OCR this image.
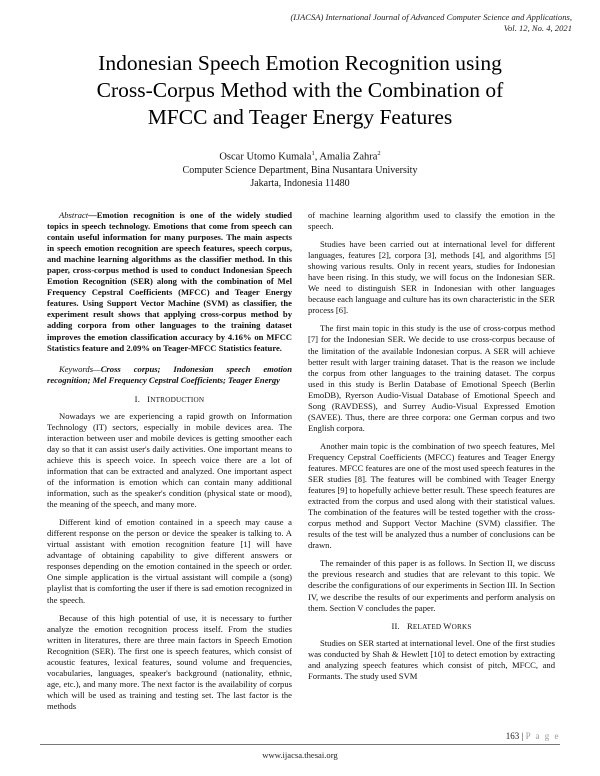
(IJACSA) International Journal of Advanced Computer Science and Applications,
Vol. 12, No. 4, 2021
Indonesian Speech Emotion Recognition using
Cross-Corpus Method with the Combination of
MFCC and Teager Energy Features
Oscar Utomo Kumala$^1$, Amalia Zahra$^2$
Computer Science Department, Bina Nusantara University
Jakarta, Indonesia 11480

Abstract—Emotion recognition is one of the widely studied topics in speech technology. Emotions that come from speech can contain useful information for many purposes. The main aspects in speech emotion recognition are speech features, speech corpus, and machine learning algorithms as the classifier method. In this paper, cross-corpus method is used to conduct Indonesian Speech Emotion Recognition (SER) along with the combination of Mel Frequency Cepstral Coefficients (MFCC) and Teager Energy features. Using Support Vector Machine (SVM) as classifier, the experiment result shows that applying cross-corpus method by adding corpora from other languages to the training dataset improves the emotion classification accuracy by 4.16% on MFCC Statistics feature and 2.09% on Teager-MFCC Statistics feature.

Keywords—Cross corpus; Indonesian speech emotion recognition; Mel Frequency Cepstral Coefficients; Teager Energy

I. INTRODUCTION

Nowadays we are experiencing a rapid growth on Information Technology (IT) sectors, especially in mobile devices area. The interaction between user and mobile devices is getting smoother each day so that it can assist user's daily activities. One important means to achieve this is speech voice. In speech voice there are a lot of information that can be extracted and analyzed. One important aspect of the information is emotion which can contain many additional information, such as the speaker's condition (physical state or mood), the meaning of the speech, and many more.

Different kind of emotion contained in a speech may cause a different response on the person or device the speaker is talking to. A virtual assistant with emotion recognition feature [1] will have advantage of obtaining capability to give different answers or responses depending on the emotion contained in the speech or order. One simple application is the virtual assistant will compile a (song) playlist that is comforting the user if there is sad emotion recognized in the speech.

Because of this high potential of use, it is necessary to further analyze the emotion recognition process itself. From the studies written in literatures, there are three main factors in Speech Emotion Recognition (SER). The first one is speech features, which consist of acoustic features, lexical features, sound volume and frequencies, vocabularies, languages, speaker's background (nationality, ethnic, age, etc.), and many more. The next factor is the availability of corpus which will be used as training and testing set. The last factor is the methods

of machine learning algorithm used to classify the emotion in the speech.

Studies have been carried out at international level for different languages, features [2], corpora [3], methods [4], and algorithms [5] showing various results. Only in recent years, studies for Indonesian have been rising. In this study, we will focus on the Indonesian SER. We need to distinguish SER in Indonesian with other languages because each language and culture has its own characteristic in the SER process [6].

The first main topic in this study is the use of cross-corpus method [7] for the Indonesian SER. We decide to use cross-corpus because of the limitation of the available Indonesian corpus. A SER will achieve better result with larger training dataset. That is the reason we include the corpus from other languages to the training dataset. The corpus used in this study is Berlin Database of Emotional Speech (Berlin EmoDB), Ryerson Audio-Visual Database of Emotional Speech and Song (RAVDESS), and Surrey Audio-Visual Expressed Emotion (SAVEE). Thus, there are three corpora: one German corpus and two English corpora.

Another main topic is the combination of two speech features, Mel Frequency Cepstral Coefficients (MFCC) features and Teager Energy features. MFCC features are one of the most used speech features in the SER studies [8]. The features will be combined with Teager Energy features [9] to hopefully achieve better result. These speech features are extracted from the corpus and used along with their statistical values. The combination of the features will be tested together with the cross-corpus method and Support Vector Machine (SVM) classifier. The results of the test will be analyzed thus a number of conclusions can be drawn.

The remainder of this paper is as follows. In Section II, we discuss the previous research and studies that are relevant to this topic. We describe the configurations of our experiments in Section III. In Section IV, we describe the results of our experiments and perform analysis on them. Section V concludes the paper.

II. RELATED WORKS

Studies on SER started at international level. One of the first studies was conducted by Shah & Hewlett [10] to detect emotion by extracting and analyzing speech features which consist of pitch, MFCC, and Formants. The study used SVM

163 | P a g e
www.ijacsa.thesai.org
